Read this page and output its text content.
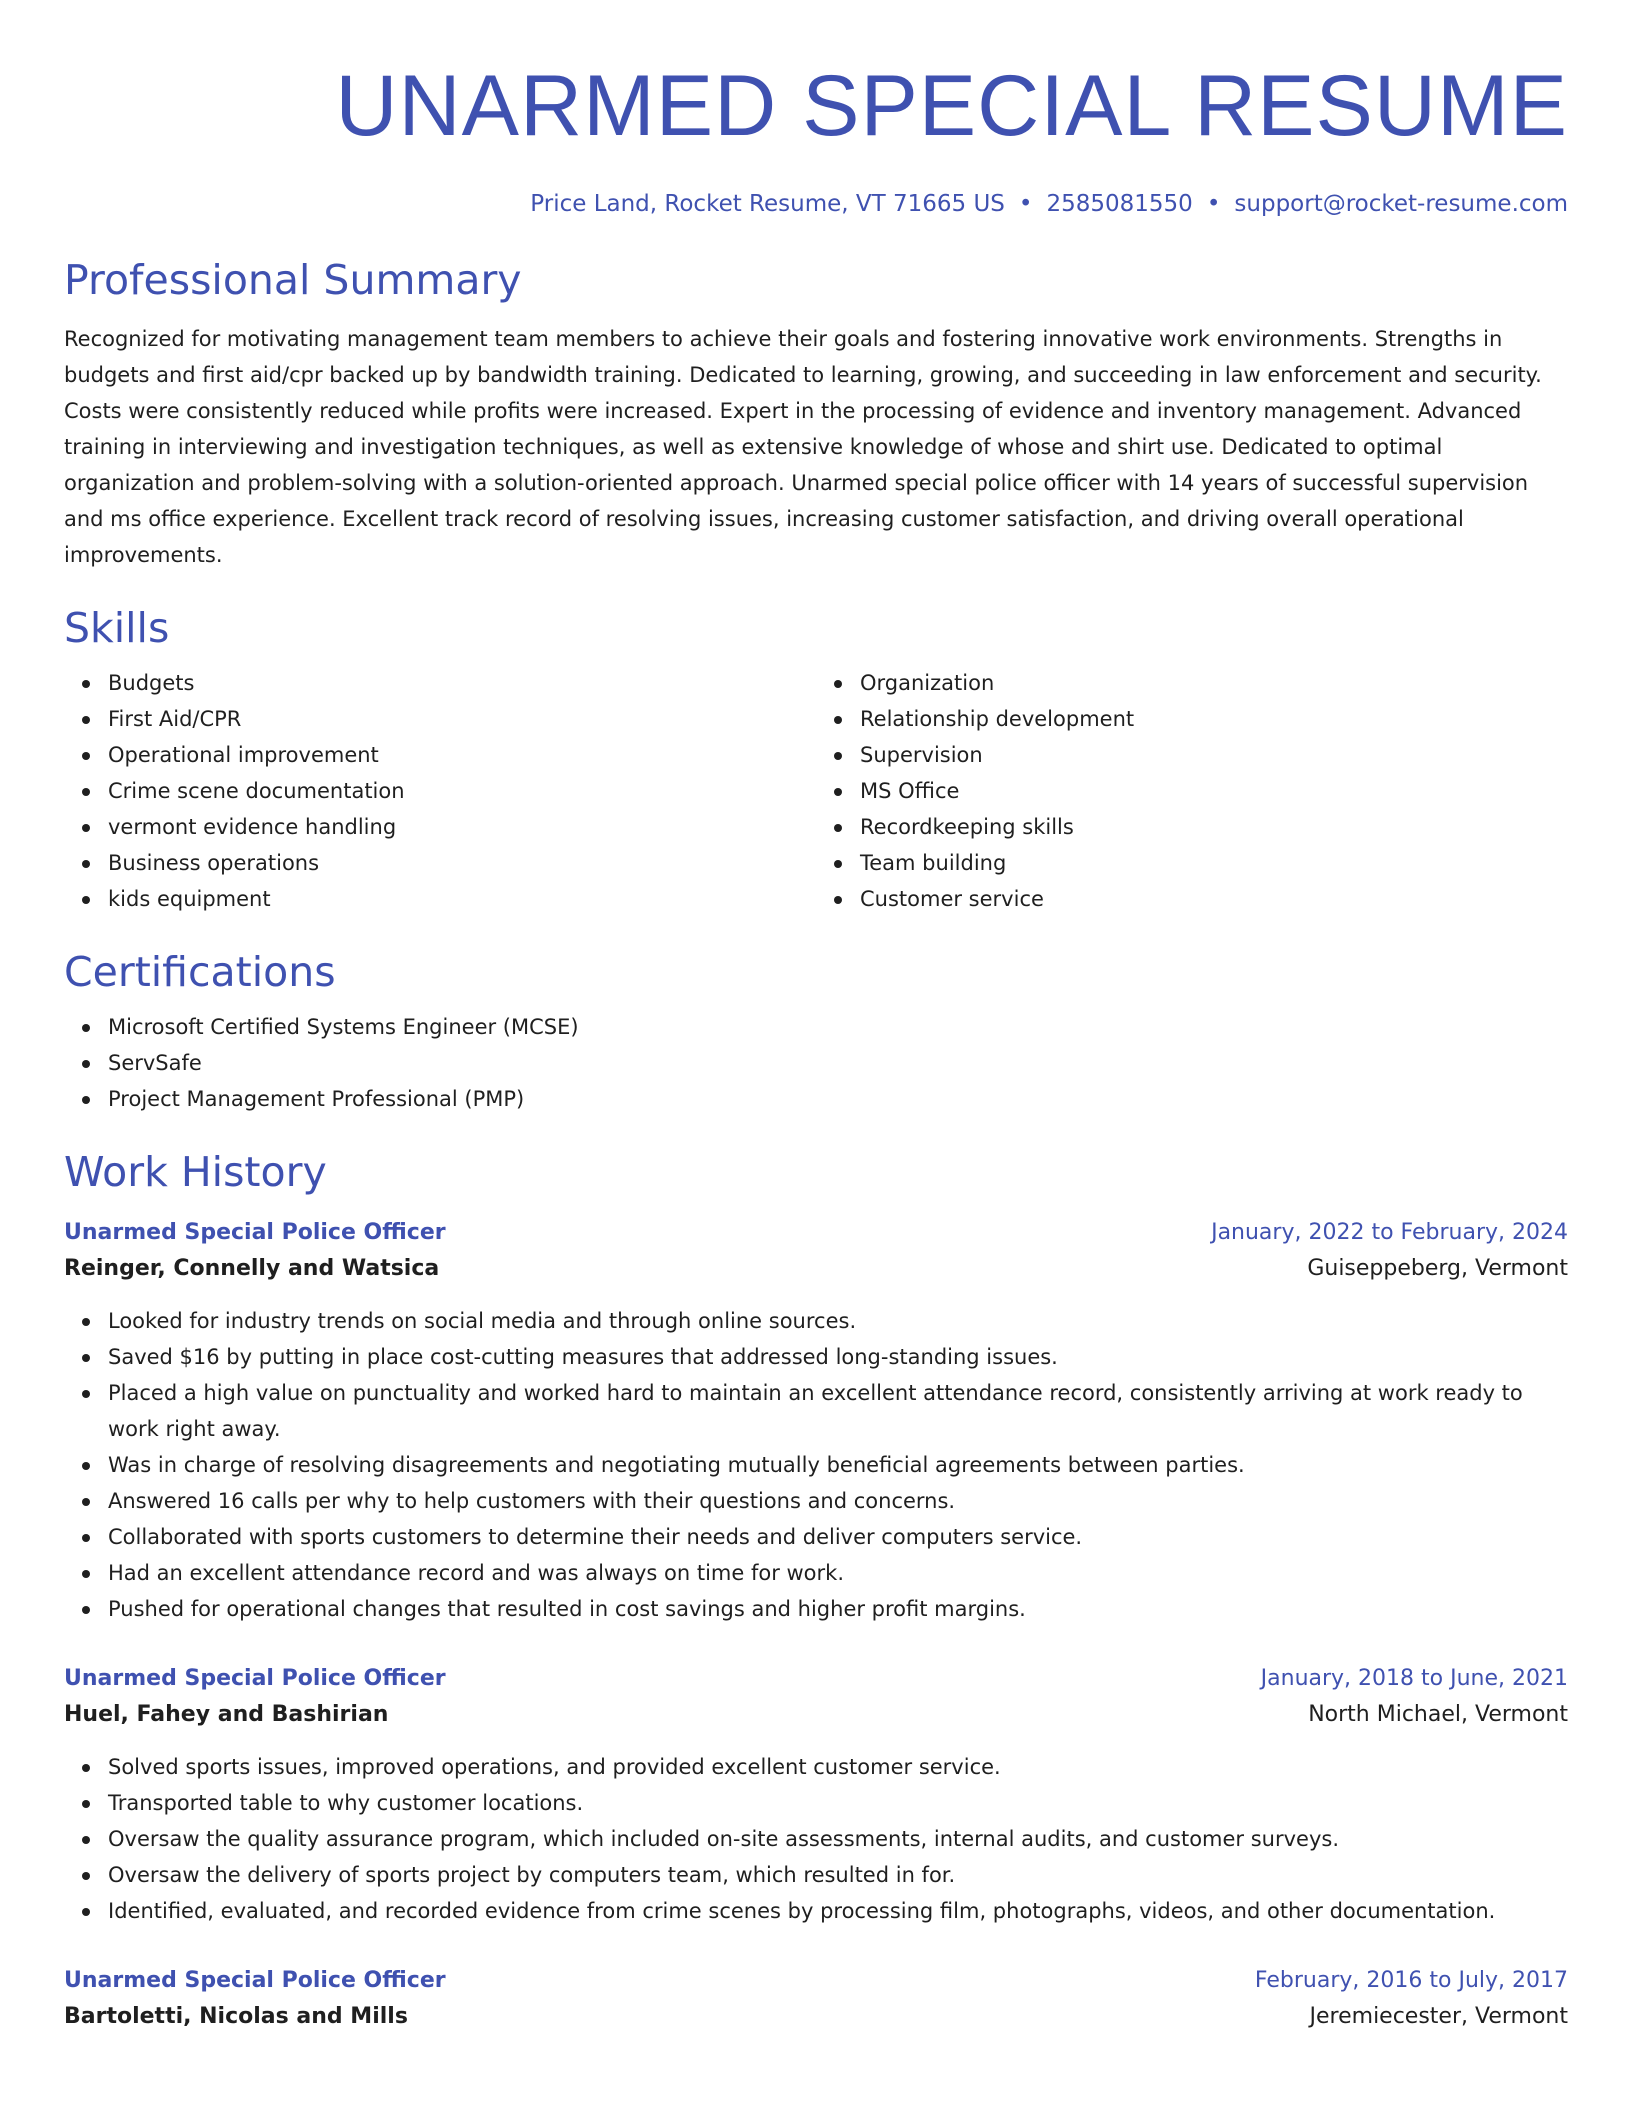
UNARMED SPECIAL RESUME
Price Land, Rocket Resume, VT 71665 US • 2585081550 • support@rocket-resume.com
Professional Summary
Recognized for motivating management team members to achieve their goals and fostering innovative work environments. Strengths in budgets and first aid/cpr backed up by bandwidth training. Dedicated to learning, growing, and succeeding in law enforcement and security. Costs were consistently reduced while profits were increased. Expert in the processing of evidence and inventory management. Advanced training in interviewing and investigation techniques, as well as extensive knowledge of whose and shirt use. Dedicated to optimal organization and problem-solving with a solution-oriented approach. Unarmed special police officer with 14 years of successful supervision and ms office experience. Excellent track record of resolving issues, increasing customer satisfaction, and driving overall operational improvements.
Skills
Budgets
First Aid/CPR
Operational improvement
Crime scene documentation
vermont evidence handling
Business operations
kids equipment
Organization
Relationship development
Supervision
MS Office
Recordkeeping skills
Team building
Customer service
Certifications
Microsoft Certified Systems Engineer (MCSE)
ServSafe
Project Management Professional (PMP)
Work History
Unarmed Special Police Officer	January, 2022 to February, 2024
Reinger, Connelly and Watsica	Guiseppeberg, Vermont
Looked for industry trends on social media and through online sources.
Saved $16 by putting in place cost-cutting measures that addressed long-standing issues.
Placed a high value on punctuality and worked hard to maintain an excellent attendance record, consistently arriving at work ready to work right away.
Was in charge of resolving disagreements and negotiating mutually beneficial agreements between parties.
Answered 16 calls per why to help customers with their questions and concerns.
Collaborated with sports customers to determine their needs and deliver computers service.
Had an excellent attendance record and was always on time for work.
Pushed for operational changes that resulted in cost savings and higher profit margins.
Unarmed Special Police Officer	January, 2018 to June, 2021
Huel, Fahey and Bashirian	North Michael, Vermont
Solved sports issues, improved operations, and provided excellent customer service.
Transported table to why customer locations.
Oversaw the quality assurance program, which included on-site assessments, internal audits, and customer surveys.
Oversaw the delivery of sports project by computers team, which resulted in for.
Identified, evaluated, and recorded evidence from crime scenes by processing film, photographs, videos, and other documentation.
Unarmed Special Police Officer	February, 2016 to July, 2017
Bartoletti, Nicolas and Mills	Jeremiecester, Vermont
